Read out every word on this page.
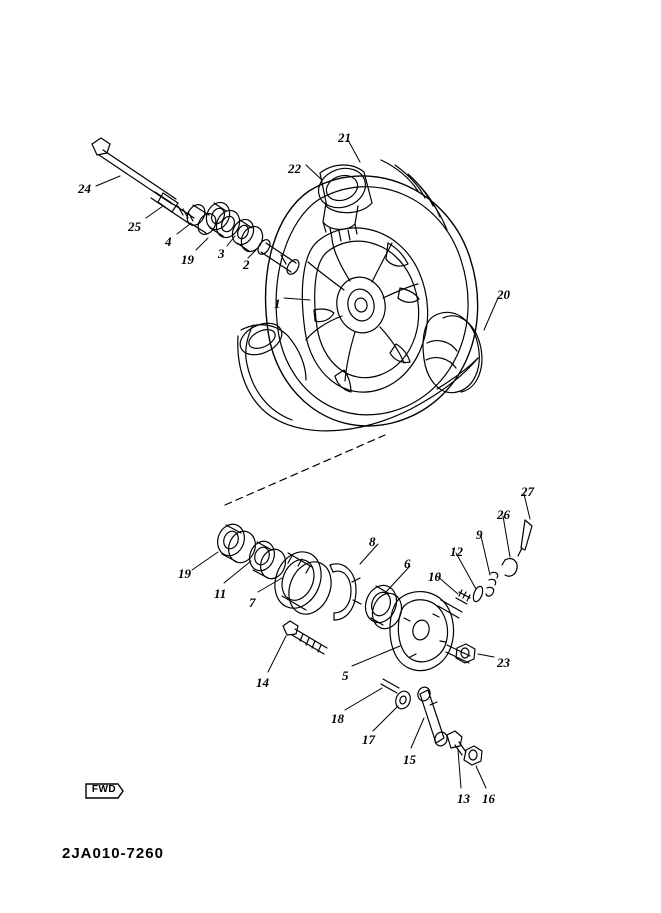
FWD
2JA010-7260
24
25
4
19 3
2
1
22
21
20
27
26
9
12
10
8
6
19
11
7
14	5
23
18
17
15
13 16
